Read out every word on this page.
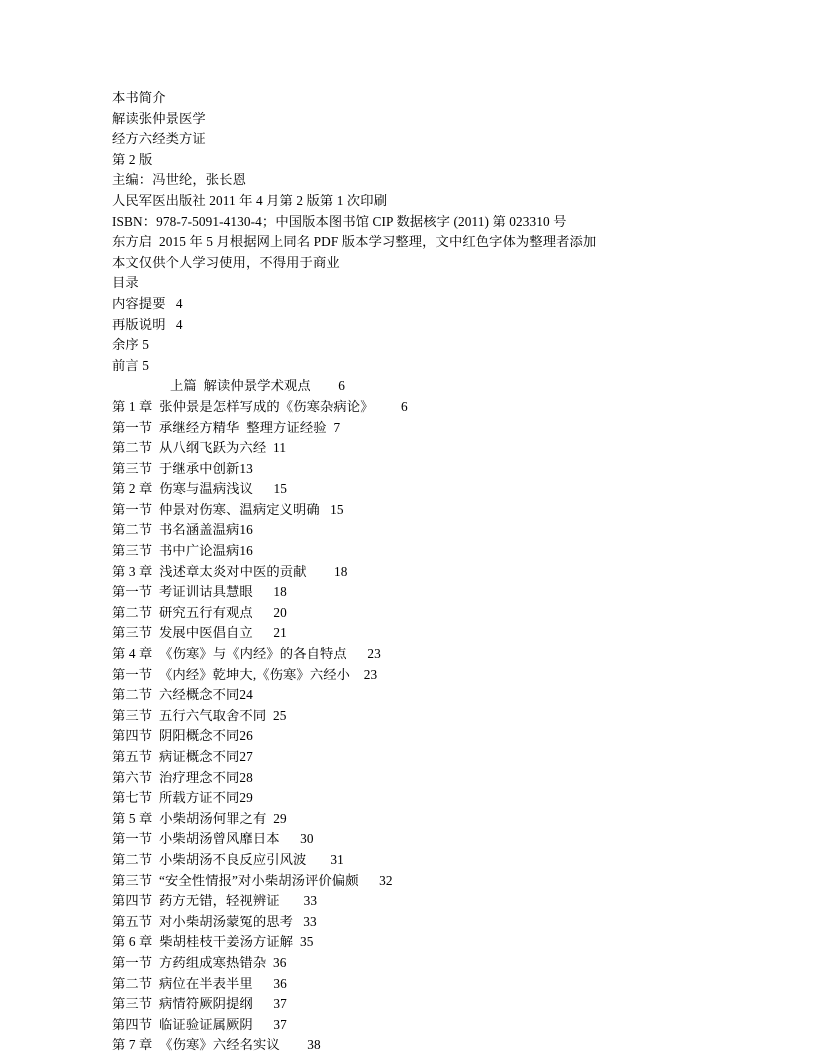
本书简介
解读张仲景医学
经方六经类方证
第 2 版
主编：冯世纶，张长恩
人民军医出版社 2011 年 4 月第 2 版第 1 次印刷
ISBN：978-7-5091-4130-4；中国版本图书馆 CIP 数据核字 (2011) 第 023310 号
东方启  2015 年 5 月根据网上同名 PDF 版本学习整理，文中红色字体为整理者添加
本文仅供个人学习使用，不得用于商业
目录
内容提要   4
再版说明   4
余序 5
前言 5
上篇  解读仲景学术观点        6
第 1 章  张仲景是怎样写成的《伤寒杂病论》        6
第一节  承继经方精华  整理方证经验  7
第二节  从八纲飞跃为六经  11
第三节  于继承中创新13
第 2 章  伤寒与温病浅议      15
第一节  仲景对伤寒、温病定义明确   15
第二节  书名涵盖温病16
第三节  书中广论温病16
第 3 章  浅述章太炎对中医的贡献        18
第一节  考证训诂具慧眼      18
第二节  研究五行有观点      20
第三节  发展中医倡自立      21
第 4 章  《伤寒》与《内经》的各自特点      23
第一节  《内经》乾坤大,《伤寒》六经小    23
第二节  六经概念不同24
第三节  五行六气取舍不同  25
第四节  阴阳概念不同26
第五节  病证概念不同27
第六节  治疗理念不同28
第七节  所载方证不同29
第 5 章  小柴胡汤何罪之有  29
第一节  小柴胡汤曾风靡日本      30
第二节  小柴胡汤不良反应引风波       31
第三节  “安全性情报”对小柴胡汤评价偏颇      32
第四节  药方无错，轻视辨证       33
第五节  对小柴胡汤蒙冤的思考   33
第 6 章  柴胡桂枝干姜汤方证解  35
第一节  方药组成寒热错杂  36
第二节  病位在半表半里      36
第三节  病情符厥阴提纲      37
第四节  临证验证属厥阴      37
第 7 章  《伤寒》六经名实议        38
